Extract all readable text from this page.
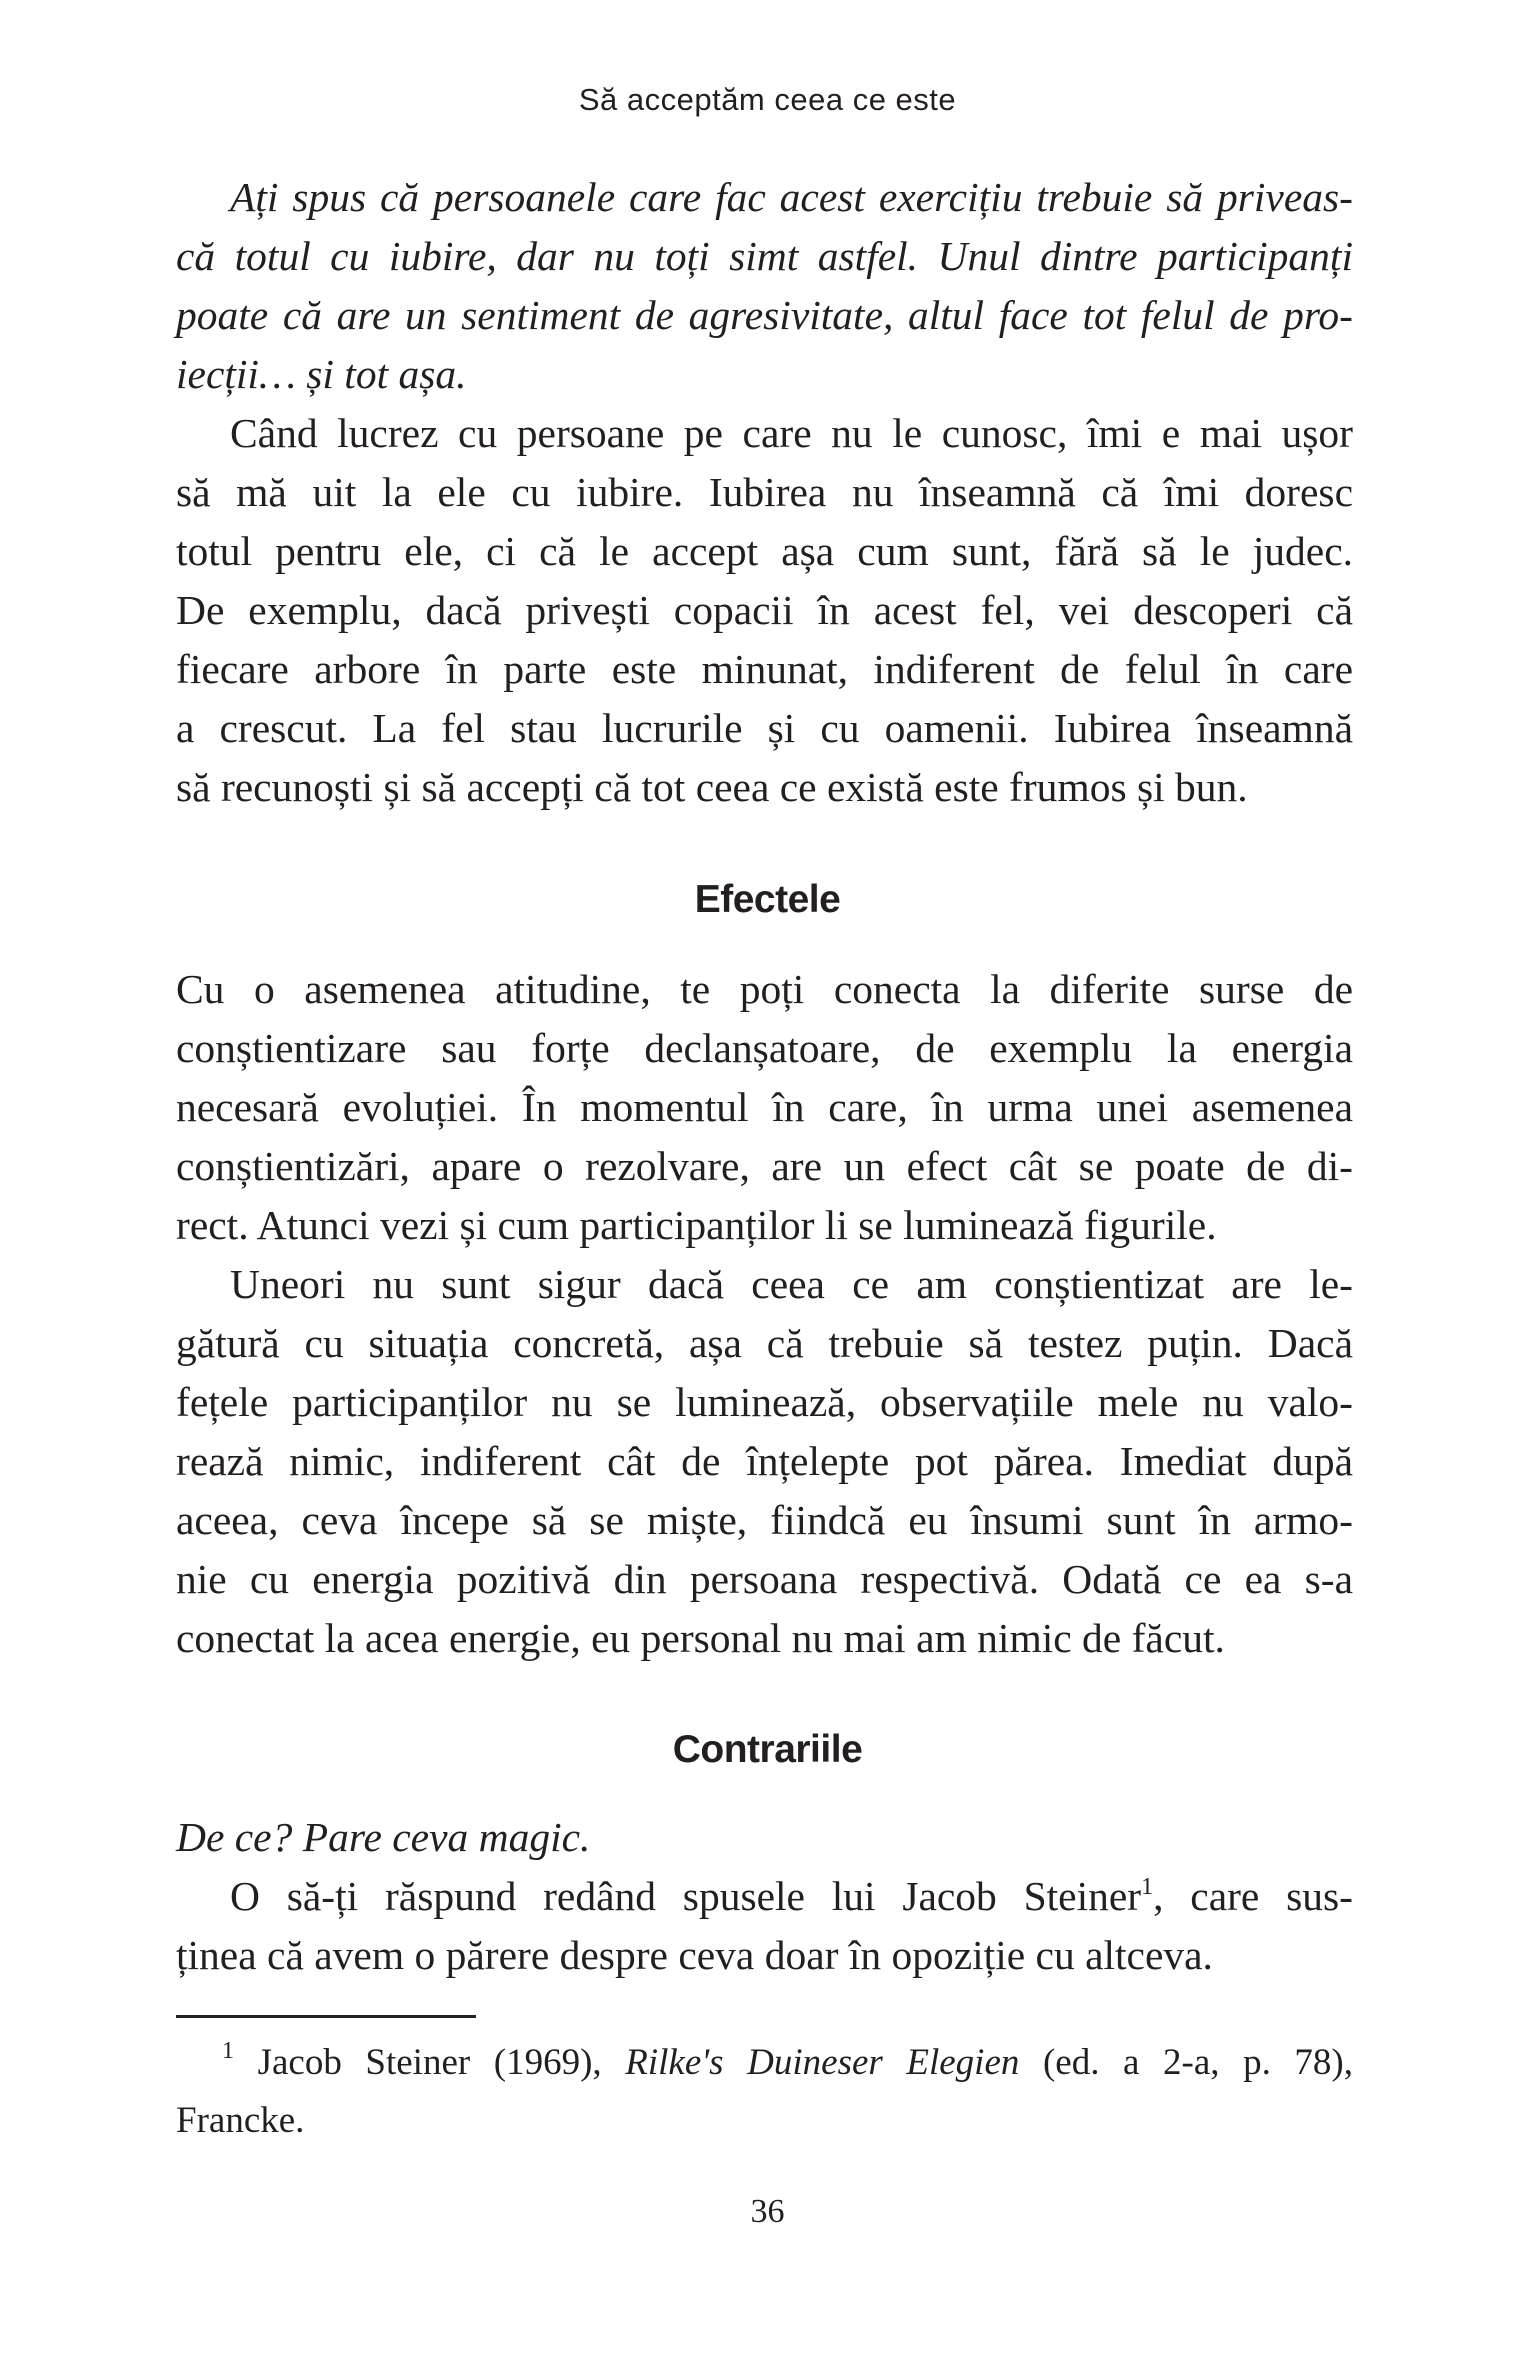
Să acceptăm ceea ce este
Ați spus că persoanele care fac acest exercițiu trebuie să priveas-
că totul cu iubire, dar nu toți simt astfel. Unul dintre participanți
poate că are un sentiment de agresivitate, altul face tot felul de pro-
iecții… și tot așa.
Când lucrez cu persoane pe care nu le cunosc, îmi e mai ușor
să mă uit la ele cu iubire. Iubirea nu înseamnă că îmi doresc
totul pentru ele, ci că le accept așa cum sunt, fără să le judec.
De exemplu, dacă privești copacii în acest fel, vei descoperi că
fiecare arbore în parte este minunat, indiferent de felul în care
a crescut. La fel stau lucrurile și cu oamenii. Iubirea înseamnă
să recunoști și să accepți că tot ceea ce există este frumos și bun.
Efectele
Cu o asemenea atitudine, te poți conecta la diferite surse de
conștientizare sau forțe declanșatoare, de exemplu la energia
necesară evoluției. În momentul în care, în urma unei asemenea
conștientizări, apare o rezolvare, are un efect cât se poate de di-
rect. Atunci vezi și cum participanților li se luminează figurile.
Uneori nu sunt sigur dacă ceea ce am conștientizat are le-
gătură cu situația concretă, așa că trebuie să testez puțin. Dacă
fețele participanților nu se luminează, observațiile mele nu valo-
rează nimic, indiferent cât de înțelepte pot părea. Imediat după
aceea, ceva începe să se miște, fiindcă eu însumi sunt în armo-
nie cu energia pozitivă din persoana respectivă. Odată ce ea s-a
conectat la acea energie, eu personal nu mai am nimic de făcut.
Contrariile
De ce? Pare ceva magic.
O să-ți răspund redând spusele lui Jacob Steiner$^1$, care sus-
ținea că avem o părere despre ceva doar în opoziție cu altceva.
$^1$ Jacob Steiner (1969), Rilke's Duineser Elegien (ed. a 2-a, p. 78),
Francke.
36
